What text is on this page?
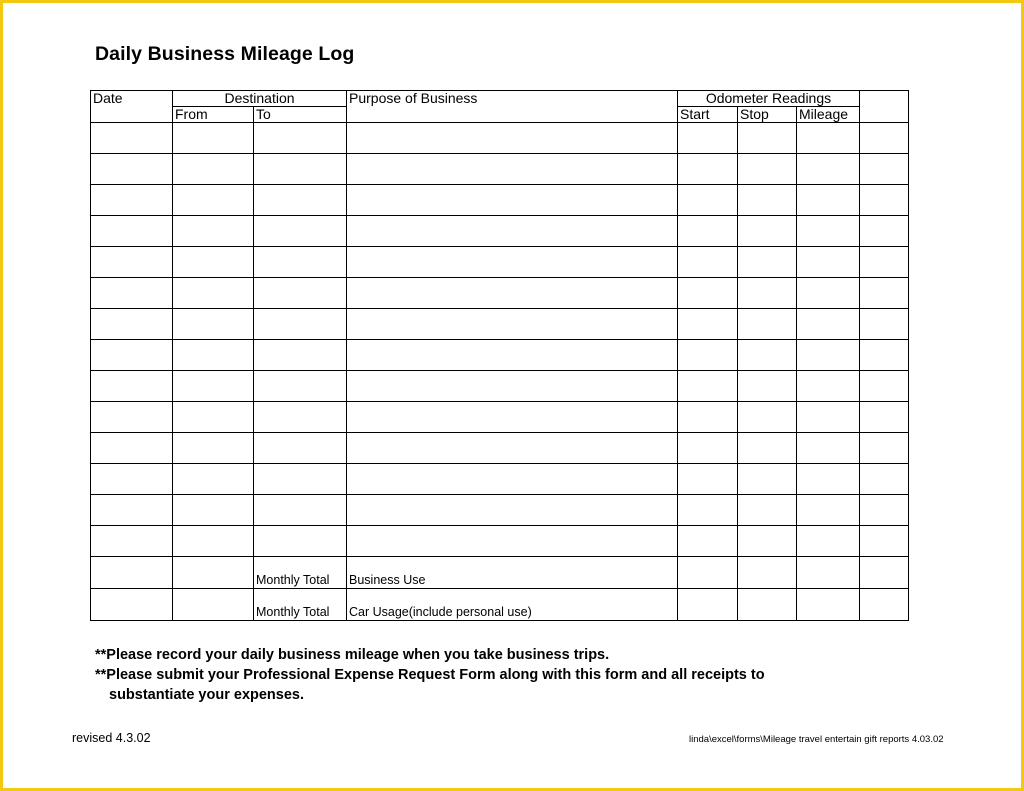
Daily Business Mileage Log
Date	Destination		Purpose of Business	Odometer Readings			
	From	To		Start	Stop	Mileage	

		Monthly Total	Business Use				
		Monthly Total	Car Usage(include personal use)				
**Please record your daily business mileage when you take business trips.
**Please submit your Professional Expense Request Form along with this form and all receipts to
substantiate your expenses.
revised 4.3.02	linda\excel\forms\Mileage travel entertain gift reports 4.03.02
